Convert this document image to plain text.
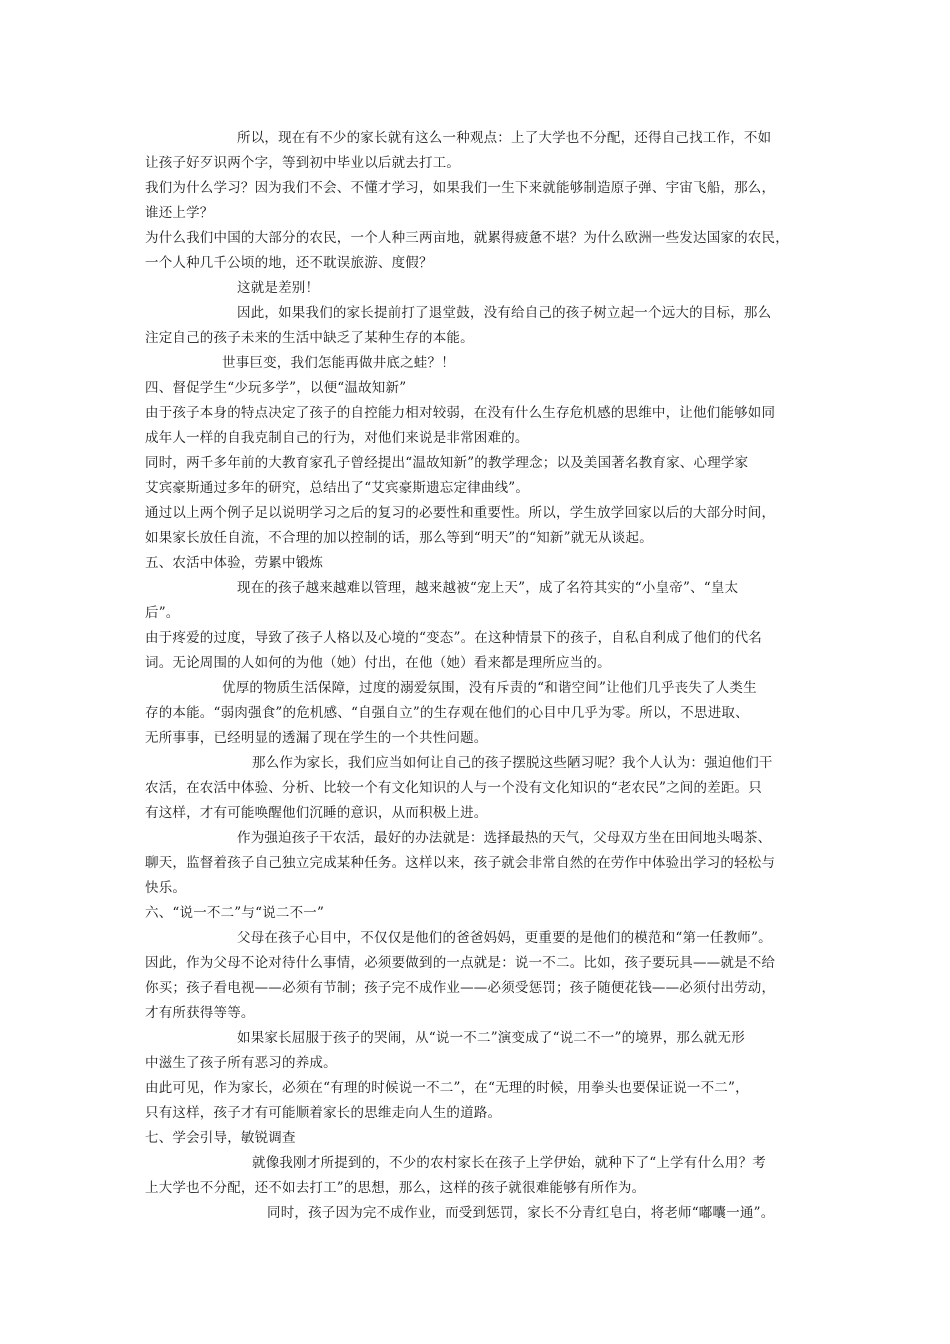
所以，现在有不少的家长就有这么一种观点：上了大学也不分配，还得自己找工作，不如
让孩子好歹识两个字，等到初中毕业以后就去打工。
我们为什么学习？因为我们不会、不懂才学习，如果我们一生下来就能够制造原子弹、宇宙飞船，那么，
谁还上学？
为什么我们中国的大部分的农民，一个人种三两亩地，就累得疲惫不堪？为什么欧洲一些发达国家的农民，
一个人种几千公顷的地，还不耽误旅游、度假？
这就是差别！
因此，如果我们的家长提前打了退堂鼓，没有给自己的孩子树立起一个远大的目标，那么
注定自己的孩子未来的生活中缺乏了某种生存的本能。
世事巨变，我们怎能再做井底之蛙？！
四、督促学生“少玩多学”，以便“温故知新”
由于孩子本身的特点决定了孩子的自控能力相对较弱，在没有什么生存危机感的思维中，让他们能够如同
成年人一样的自我克制自己的行为，对他们来说是非常困难的。
同时，两千多年前的大教育家孔子曾经提出“温故知新”的教学理念；以及美国著名教育家、心理学家
艾宾豪斯通过多年的研究，总结出了“艾宾豪斯遗忘定律曲线”。
通过以上两个例子足以说明学习之后的复习的必要性和重要性。所以，学生放学回家以后的大部分时间，
如果家长放任自流，不合理的加以控制的话，那么等到“明天”的“知新”就无从谈起。
五、农活中体验，劳累中锻炼
现在的孩子越来越难以管理，越来越被“宠上天”，成了名符其实的“小皇帝”、“皇太
后”。
由于疼爱的过度，导致了孩子人格以及心境的“变态”。在这种情景下的孩子，自私自利成了他们的代名
词。无论周围的人如何的为他（她）付出，在他（她）看来都是理所应当的。
优厚的物质生活保障，过度的溺爱氛围，没有斥责的“和谐空间”让他们几乎丧失了人类生
存的本能。“弱肉强食”的危机感、“自强自立”的生存观在他们的心目中几乎为零。所以，不思进取、
无所事事，已经明显的透漏了现在学生的一个共性问题。
那么作为家长，我们应当如何让自己的孩子摆脱这些陋习呢？我个人认为：强迫他们干
农活，在农活中体验、分析、比较一个有文化知识的人与一个没有文化知识的“老农民”之间的差距。只
有这样，才有可能唤醒他们沉睡的意识，从而积极上进。
作为强迫孩子干农活，最好的办法就是：选择最热的天气，父母双方坐在田间地头喝茶、
聊天，监督着孩子自己独立完成某种任务。这样以来，孩子就会非常自然的在劳作中体验出学习的轻松与
快乐。
六、“说一不二”与“说二不一”
父母在孩子心目中，不仅仅是他们的爸爸妈妈，更重要的是他们的模范和“第一任教师”。
因此，作为父母不论对待什么事情，必须要做到的一点就是：说一不二。比如，孩子要玩具——就是不给
你买；孩子看电视——必须有节制；孩子完不成作业——必须受惩罚；孩子随便花钱——必须付出劳动，
才有所获得等等。
如果家长屈服于孩子的哭闹，从“说一不二”演变成了“说二不一”的境界，那么就无形
中滋生了孩子所有恶习的养成。
由此可见，作为家长，必须在“有理的时候说一不二”，在“无理的时候，用拳头也要保证说一不二”，
只有这样，孩子才有可能顺着家长的思维走向人生的道路。
七、学会引导，敏锐调查
就像我刚才所提到的，不少的农村家长在孩子上学伊始，就种下了“上学有什么用？考
上大学也不分配，还不如去打工”的思想，那么，这样的孩子就很难能够有所作为。
同时，孩子因为完不成作业，而受到惩罚，家长不分青红皂白，将老师“嘟囔一通”。
